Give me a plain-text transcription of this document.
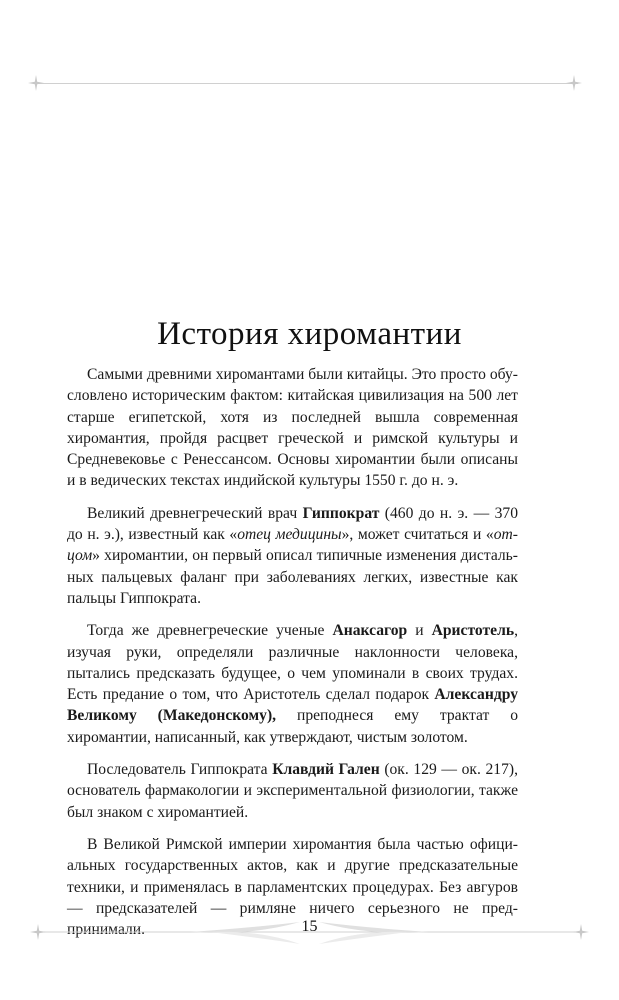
История хиромантии

Самыми древними хиромантами были китайцы. Это просто обусловлено историческим фактом: китайская цивилизация на 500 лет старше египетской, хотя из последней вышла современная хиромантия, пройдя расцвет греческой и римской культуры и Средневековье с Ренессансом. Основы хиромантии были описаны и в ведических текстах индийской культуры 1550 г. до н. э.

Великий древнегреческий врач Гиппократ (460 до н. э. — 370 до н. э.), известный как «отец медицины», может считаться и «отцом» хиромантии, он первый описал типичные изменения дистальных пальцевых фаланг при заболеваниях легких, известные как пальцы Гиппократа.

Тогда же древнегреческие ученые Анаксагор и Аристотель, изучая руки, определяли различные наклонности человека, пытались предсказать будущее, о чем упоминали в своих трудах. Есть предание о том, что Аристотель сделал подарок Александру Великому (Македонскому), преподнеся ему трактат о хиромантии, написанный, как утверждают, чистым золотом.

Последователь Гиппократа Клавдий Гален (ок. 129 — ок. 217), основатель фармакологии и экспериментальной физиологии, также был знаком с хиромантией.

В Великой Римской империи хиромантия была частью официальных государственных актов, как и другие предсказательные техники, и применялась в парламентских процедурах. Без авгуров — предсказателей — римляне ничего серьезного не предпринимали.	15
